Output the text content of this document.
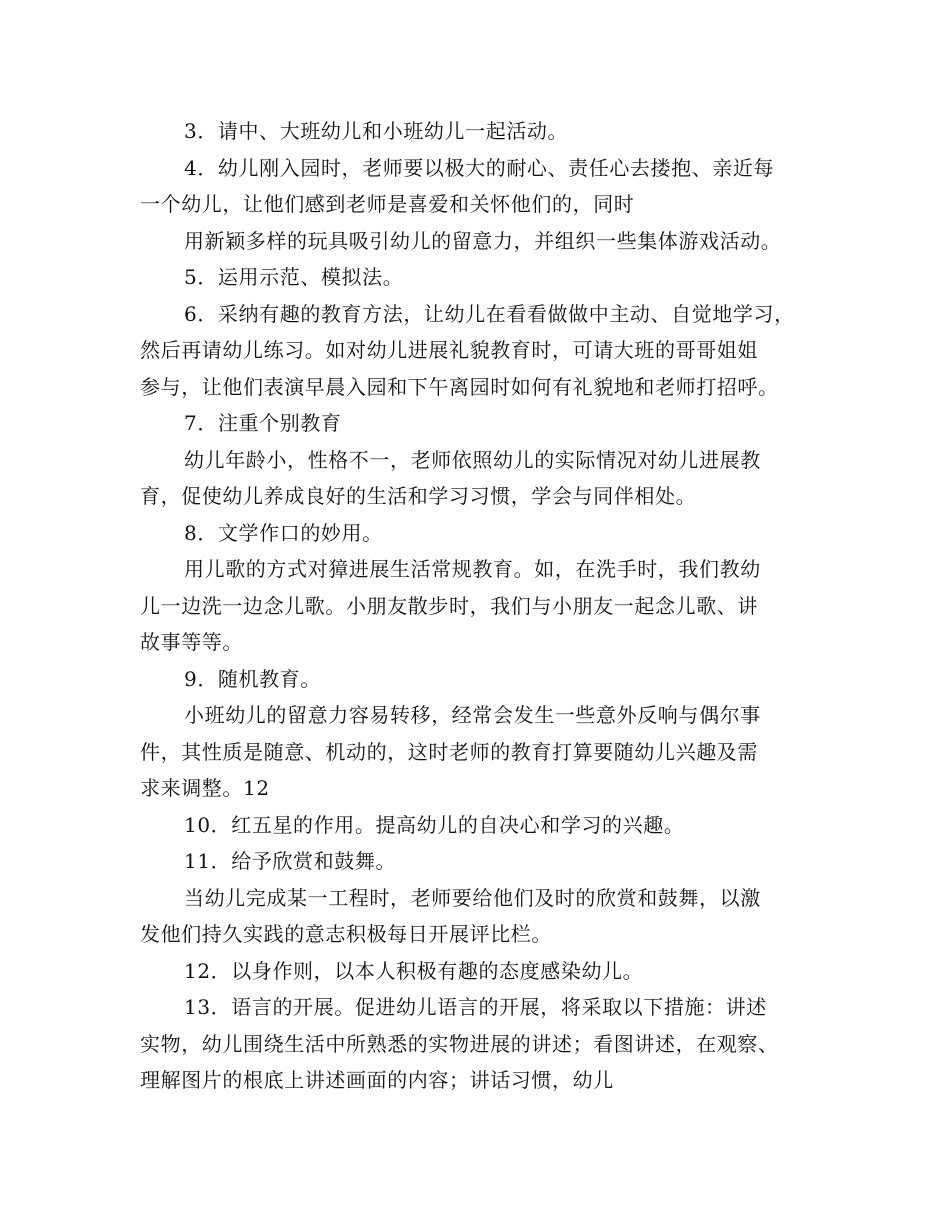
3．请中、大班幼儿和小班幼儿一起活动。
4．幼儿刚入园时，老师要以极大的耐心、责任心去搂抱、亲近每
一个幼儿，让他们感到老师是喜爱和关怀他们的，同时
用新颖多样的玩具吸引幼儿的留意力，并组织一些集体游戏活动。
5．运用示范、模拟法。
6．采纳有趣的教育方法，让幼儿在看看做做中主动、自觉地学习，
然后再请幼儿练习。如对幼儿进展礼貌教育时，可请大班的哥哥姐姐
参与，让他们表演早晨入园和下午离园时如何有礼貌地和老师打招呼。
7．注重个别教育
幼儿年龄小，性格不一，老师依照幼儿的实际情况对幼儿进展教
育，促使幼儿养成良好的生活和学习习惯，学会与同伴相处。
8．文学作口的妙用。
用儿歌的方式对獐进展生活常规教育。如，在洗手时，我们教幼
儿一边洗一边念儿歌。小朋友散步时，我们与小朋友一起念儿歌、讲
故事等等。
9．随机教育。
小班幼儿的留意力容易转移，经常会发生一些意外反响与偶尔事
件，其性质是随意、机动的，这时老师的教育打算要随幼儿兴趣及需
求来调整。12
10．红五星的作用。提高幼儿的自决心和学习的兴趣。
11．给予欣赏和鼓舞。
当幼儿完成某一工程时，老师要给他们及时的欣赏和鼓舞，以激
发他们持久实践的意志积极每日开展评比栏。
12．以身作则，以本人积极有趣的态度感染幼儿。
13．语言的开展。促进幼儿语言的开展，将采取以下措施：讲述
实物，幼儿围绕生活中所熟悉的实物进展的讲述；看图讲述，在观察、
理解图片的根底上讲述画面的内容；讲话习惯，幼儿
